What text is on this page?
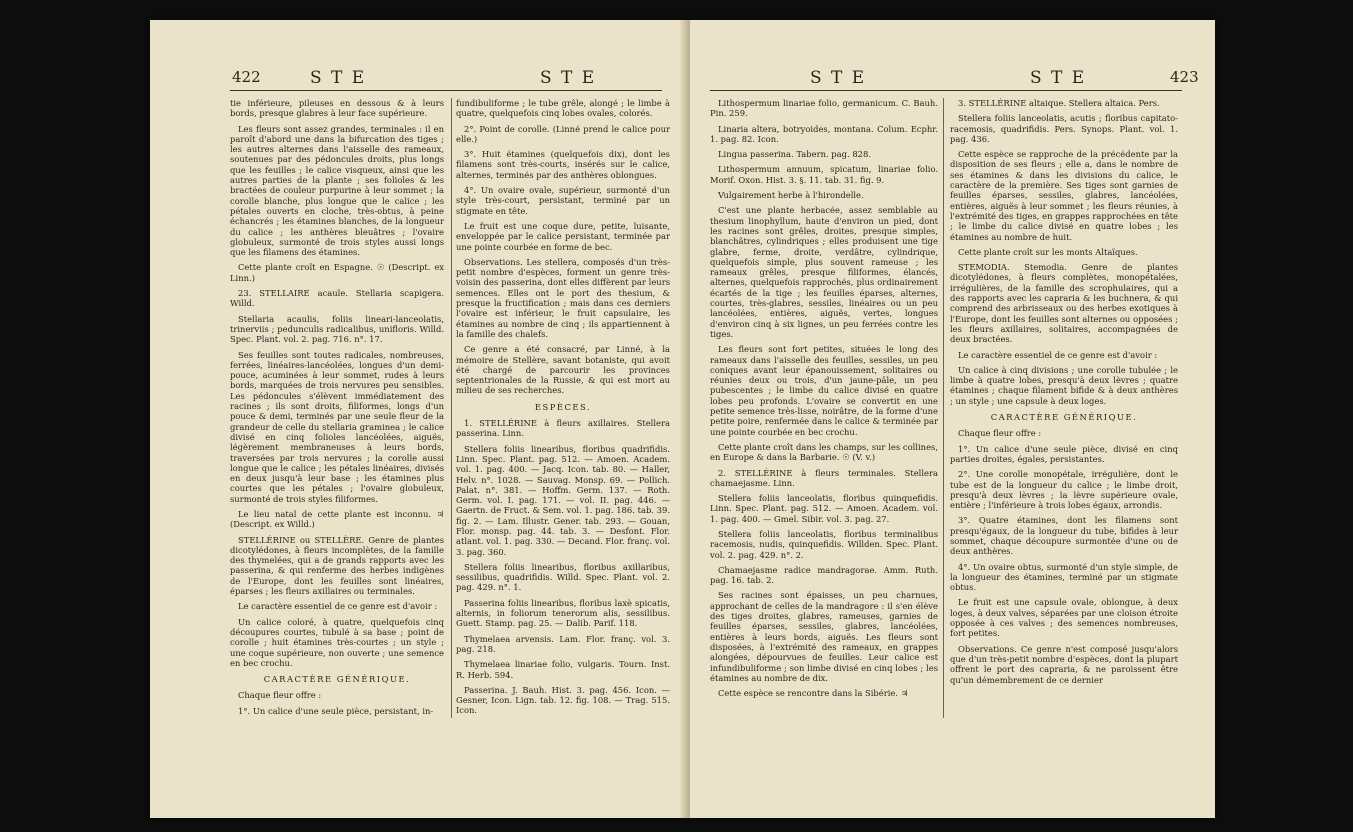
422	S T E	S T E

tie inférieure, pileuses en dessous & à leurs bords, presque glabres à leur face supérieure.

Les fleurs sont assez grandes, terminales : il en paroît d'abord une dans la bifurcation des tiges ; les autres alternes dans l'aisselle des rameaux, soutenues par des pédoncules droits, plus longs que les feuilles ; le calice visqueux, ainsi que les autres parties de la plante ; ses folioles & les bractées de couleur purpurine à leur sommet ; la corolle blanche, plus longue que le calice ; les pétales ouverts en cloche, très-obtus, à peine échancrés ; les étamines blanches, de la longueur du calice ; les anthères bleuâtres ; l'ovaire globuleux, surmonté de trois styles aussi longs que les filamens des étamines.

Cette plante croît en Espagne. ☉ (Descript. ex Linn.)

23. STELLAIRE acaule. Stellaria scapigera. Willd.

Stellaria acaulis, foliis lineari-lanceolatis, trinerviis ; pedunculis radicalibus, unifloris. Willd. Spec. Plant. vol. 2. pag. 716. n°. 17.

Ses feuilles sont toutes radicales, nombreuses, ferrées, linéaires-lancéolées, longues d'un demi-pouce, acuminées à leur sommet, rudes à leurs bords, marquées de trois nervures peu sensibles. Les pédoncules s'élèvent immédiatement des racines ; ils sont droits, filiformes, longs d'un pouce & demi, terminés par une seule fleur de la grandeur de celle du stellaria graminea ; le calice divisé en cinq folioles lancéolées, aiguës, légèrement membraneuses à leurs bords, traversées par trois nervures ; la corolle aussi longue que le calice ; les pétales linéaires, divisés en deux jusqu'à leur base ; les étamines plus courtes que les pétales ; l'ovaire globuleux, surmonté de trois styles filiformes.

Le lieu natal de cette plante est inconnu. ♃ (Descript. ex Willd.)

STELLÉRINE ou STELLÈRE. Genre de plantes dicotylédones, à fleurs incomplètes, de la famille des thymelées, qui a de grands rapports avec les passerina, & qui renferme des herbes indigènes de l'Europe, dont les feuilles sont linéaires, éparses ; les fleurs axillaires ou terminales.

Le caractère essentiel de ce genre est d'avoir :

Un calice coloré, à quatre, quelquefois cinq découpures courtes, tubulé à sa base ; point de corolle ; huit étamines très-courtes ; un style ; une coque supérieure, non ouverte ; une semence en bec crochu.

CARACTÈRE GÉNÉRIQUE.

Chaque fleur offre :

1°. Un calice d'une seule pièce, persistant, in-

fundibuliforme ; le tube grêle, alongé ; le limbe à quatre, quelquefois cinq lobes ovales, colorés.

2°. Point de corolle. (Linné prend le calice pour elle.)

3°. Huit étamines (quelquefois dix), dont les filamens sont très-courts, insérés sur le calice, alternes, terminés par des anthères oblongues.

4°. Un ovaire ovale, supérieur, surmonté d'un style très-court, persistant, terminé par un stigmate en tête.

Le fruit est une coque dure, petite, luisante, enveloppée par le calice persistant, terminée par une pointe courbée en forme de bec.

Observations. Les stellera, composés d'un très-petit nombre d'espèces, forment un genre très-voisin des passerina, dont elles diffèrent par leurs semences. Elles ont le port des thesium, & presque la fructification ; mais dans ces derniers l'ovaire est inférieur, le fruit capsulaire, les étamines au nombre de cinq ; ils appartiennent à la famille des chalefs.

Ce genre a été consacré, par Linné, à la mémoire de Stellère, savant botaniste, qui avoit été chargé de parcourir les provinces septentrionales de la Russie, & qui est mort au milieu de ses recherches.

ESPÈCES.

1. STELLÉRINE à fleurs axillaires. Stellera passerina. Linn.

Stellera foliis linearibus, floribus quadrifidis. Linn. Spec. Plant. pag. 512. — Amoen. Academ. vol. 1. pag. 400. — Jacq. Icon. tab. 80. — Haller, Helv. n°. 1028. — Sauvag. Monsp. 69. — Pollich. Palat. n°. 381. — Hoffm. Germ. 137. — Roth. Germ. vol. I. pag. 171. — vol. II. pag. 446. — Gaertn. de Fruct. & Sem. vol. 1. pag. 186. tab. 39. fig. 2. — Lam. Illustr. Gener. tab. 293. — Gouan, Flor. monsp. pag. 44. tab. 3. — Desfont. Flor. atlant. vol. 1. pag. 330. — Decand. Flor. franç. vol. 3. pag. 360.

Stellera foliis linearibus, floribus axillaribus, sessilibus, quadrifidis. Willd. Spec. Plant. vol. 2. pag. 429. n°. 1.

Passerina foliis linearibus, floribus laxè spicatis, alternis, in foliorum tenerorum alis, sessilibus. Guett. Stamp. pag. 25. — Dalib. Parif. 118.

Thymelaea arvensis. Lam. Flor. franç. vol. 3. pag. 218.

Thymelaea linariae folio, vulgaris. Tourn. Inst. R. Herb. 594.

Passerina. J. Bauh. Hist. 3. pag. 456. Icon. — Gesner, Icon. Lign. tab. 12. fig. 108. — Trag. 515. Icon.

S T E	S T E	423

Lithospermum linariae folio, germanicum. C. Bauh. Pin. 259.

Linaria altera, botryoides, montana. Colum. Ecphr. 1. pag. 82. Icon.

Lingua passerina. Tabern. pag. 828.

Lithospermum annuum, spicatum, linariae folio. Morif. Oxon. Hist. 3. §. 11. tab. 31. fig. 9.

Vulgairement herbe à l'hirondelle.

C'est une plante herbacée, assez semblable au thesium linophyllum, haute d'environ un pied, dont les racines sont grêles, droites, presque simples, blanchâtres, cylindriques ; elles produisent une tige glabre, ferme, droite, verdâtre, cylindrique, quelquefois simple, plus souvent rameuse ; les rameaux grêles, presque filiformes, élancés, alternes, quelquefois rapprochés, plus ordinairement écartés de la tige ; les feuilles éparses, alternes, courtes, très-glabres, sessiles, linéaires ou un peu lancéolées, entières, aiguës, vertes, longues d'environ cinq à six lignes, un peu ferrées contre les tiges.

Les fleurs sont fort petites, situées le long des rameaux dans l'aisselle des feuilles, sessiles, un peu coniques avant leur épanouissement, solitaires ou réunies deux ou trois, d'un jaune-pâle, un peu pubescentes ; le limbe du calice divisé en quatre lobes peu profonds. L'ovaire se convertit en une petite semence très-lisse, noirâtre, de la forme d'une petite poire, renfermée dans le calice & terminée par une pointe courbée en bec crochu.

Cette plante croît dans les champs, sur les collines, en Europe & dans la Barbarie. ☉ (V. v.)

2. STELLÉRINE à fleurs terminales. Stellera chamaejasme. Linn.

Stellera foliis lanceolatis, floribus quinquefidis. Linn. Spec. Plant. pag. 512. — Amoen. Academ. vol. 1. pag. 400. — Gmel. Sibir. vol. 3. pag. 27.

Stellera foliis lanceolatis, floribus terminalibus racemosis, nudis, quinquefidis. Willden. Spec. Plant. vol. 2. pag. 429. n°. 2.

Chamaejasme radice mandragorae. Amm. Ruth. pag. 16. tab. 2.

Ses racines sont épaisses, un peu charnues, approchant de celles de la mandragore : il s'en élève des tiges droites, glabres, rameuses, garnies de feuilles éparses, sessiles, glabres, lancéolées, entières à leurs bords, aiguës. Les fleurs sont disposées, à l'extrémité des rameaux, en grappes alongées, dépourvues de feuilles. Leur calice est infundibuliforme ; son limbe divisé en cinq lobes ; les étamines au nombre de dix.

Cette espèce se rencontre dans la Sibérie. ♃

3. STELLÉRINE altaique. Stellera altaica. Pers.

Stellera foliis lanceolatis, acutis ; floribus capitato-racemosis, quadrifidis. Pers. Synops. Plant. vol. 1. pag. 436.

Cette espèce se rapproche de la précédente par la disposition de ses fleurs ; elle a, dans le nombre de ses étamines & dans les divisions du calice, le caractère de la première. Ses tiges sont garnies de feuilles éparses, sessiles, glabres, lancéolées, entières, aiguës à leur sommet ; les fleurs réunies, à l'extrémité des tiges, en grappes rapprochées en tête ; le limbe du calice divisé en quatre lobes ; les étamines au nombre de huit.

Cette plante croît sur les monts Altaïques.

STEMODIA. Stemodia. Genre de plantes dicotylédones, à fleurs complètes, monopétalées, irrégulières, de la famille des scrophulaires, qui a des rapports avec les capraria & les buchnera, & qui comprend des arbrisseaux ou des herbes exotiques à l'Europe, dont les feuilles sont alternes ou opposées ; les fleurs axillaires, solitaires, accompagnées de deux bractées.

Le caractère essentiel de ce genre est d'avoir :

Un calice à cinq divisions ; une corolle tubulée ; le limbe à quatre lobes, presqu'à deux lèvres ; quatre étamines ; chaque filament bifide & à deux anthères ; un style ; une capsule à deux loges.

CARACTÈRE GÉNÉRIQUE.

Chaque fleur offre :

1°. Un calice d'une seule pièce, divisé en cinq parties droites, égales, persistantes.

2°. Une corolle monopétale, irrégulière, dont le tube est de la longueur du calice ; le limbe droit, presqu'à deux lèvres ; la lèvre supérieure ovale, entière ; l'inférieure à trois lobes égaux, arrondis.

3°. Quatre étamines, dont les filamens sont presqu'égaux, de la longueur du tube, bifides à leur sommet, chaque découpure surmontée d'une ou de deux anthères.

4°. Un ovaire obtus, surmonté d'un style simple, de la longueur des étamines, terminé par un stigmate obtus.

Le fruit est une capsule ovale, oblongue, à deux loges, à deux valves, séparées par une cloison étroite opposée à ces valves ; des semences nombreuses, fort petites.

Observations. Ce genre n'est composé jusqu'alors que d'un très-petit nombre d'espèces, dont la plupart offrent le port des capraria, & ne paroissent être qu'un démembrement de ce dernier
